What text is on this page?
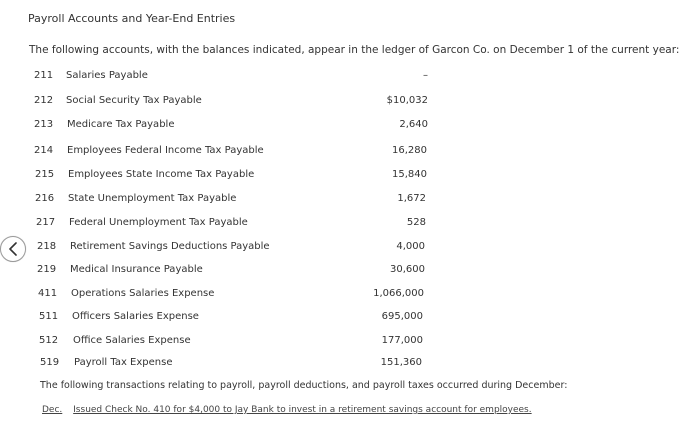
Payroll Accounts and Year-End Entries
The following accounts, with the balances indicated, appear in the ledger of Garcon Co. on December 1 of the current year:
211	Salaries Payable	–
212	Social Security Tax Payable	$10,032
213	Medicare Tax Payable	2,640
214	Employees Federal Income Tax Payable	16,280
215	Employees State Income Tax Payable	15,840
216	State Unemployment Tax Payable	1,672
217	Federal Unemployment Tax Payable	528
218	Retirement Savings Deductions Payable	4,000
219	Medical Insurance Payable	30,600
411	Operations Salaries Expense	1,066,000
511	Officers Salaries Expense	695,000
512	Office Salaries Expense	177,000
519	Payroll Tax Expense	151,360
The following transactions relating to payroll, payroll deductions, and payroll taxes occurred during December:
Dec. Issued Check No. 410 for $4,000 to Jay Bank to invest in a retirement savings account for employees.
